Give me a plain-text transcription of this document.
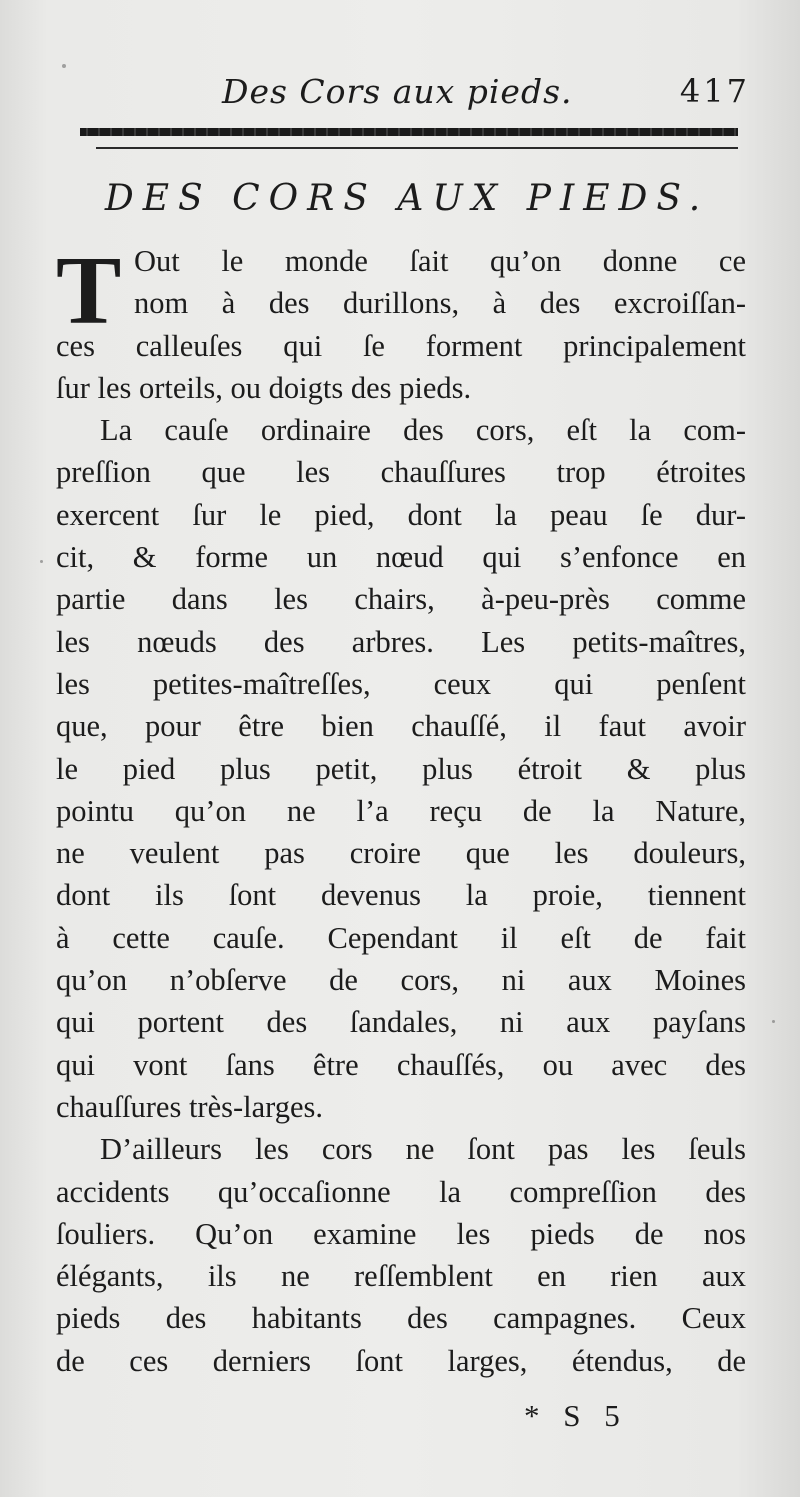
Des Cors aux pieds.	417
DES CORS AUX PIEDS.
T Out le monde ſait qu’on donne ce
nom à des durillons, à des excroiſſan-
ces calleuſes qui ſe forment principalement
ſur les orteils, ou doigts des pieds.
La cauſe ordinaire des cors, eſt la com-
preſſion que les chauſſures trop étroites
exercent ſur le pied, dont la peau ſe dur-
cit, & forme un nœud qui s’enfonce en
partie dans les chairs, à-peu-près comme
les nœuds des arbres. Les petits-maîtres,
les petites-maîtreſſes, ceux qui penſent
que, pour être bien chauſſé, il faut avoir
le pied plus petit, plus étroit & plus
pointu qu’on ne l’a reçu de la Nature,
ne veulent pas croire que les douleurs,
dont ils ſont devenus la proie, tiennent
à cette cauſe. Cependant il eſt de fait
qu’on n’obſerve de cors, ni aux Moines
qui portent des ſandales, ni aux payſans
qui vont ſans être chauſſés, ou avec des
chauſſures très-larges.
D’ailleurs les cors ne ſont pas les ſeuls
accidents qu’occaſionne la compreſſion des
ſouliers. Qu’on examine les pieds de nos
élégants, ils ne reſſemblent en rien aux
pieds des habitants des campagnes. Ceux
de ces derniers ſont larges, étendus, de
* S 5
